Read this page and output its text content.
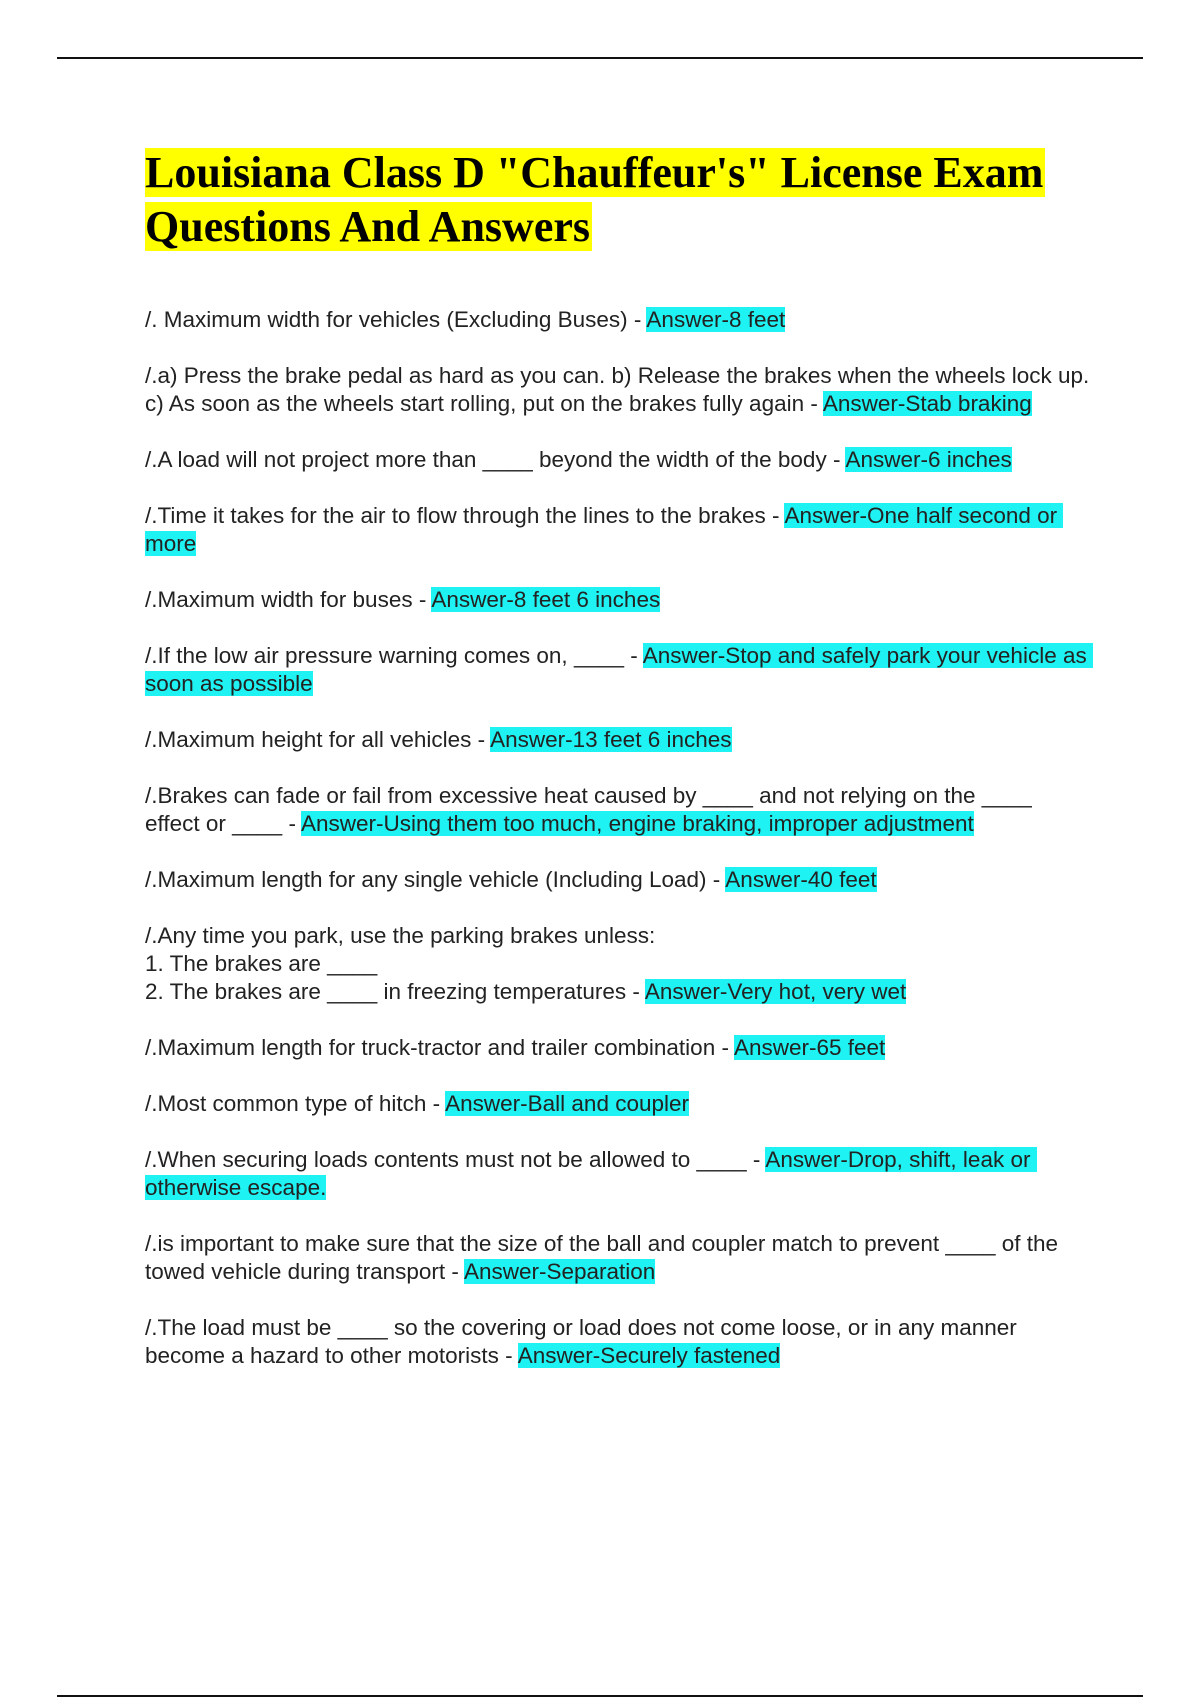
Louisiana Class D "Chauffeur's" License Exam Questions And Answers
/. Maximum width for vehicles (Excluding Buses) - Answer-8 feet
/.a) Press the brake pedal as hard as you can. b) Release the brakes when the wheels lock up. c) As soon as the wheels start rolling, put on the brakes fully again - Answer-Stab braking
/.A load will not project more than ____ beyond the width of the body - Answer-6 inches
/.Time it takes for the air to flow through the lines to the brakes - Answer-One half second or more
/.Maximum width for buses - Answer-8 feet 6 inches
/.If the low air pressure warning comes on, ____ - Answer-Stop and safely park your vehicle as soon as possible
/.Maximum height for all vehicles - Answer-13 feet 6 inches
/.Brakes can fade or fail from excessive heat caused by ____ and not relying on the ____ effect or ____ - Answer-Using them too much, engine braking, improper adjustment
/.Maximum length for any single vehicle (Including Load) - Answer-40 feet
/.Any time you park, use the parking brakes unless:
1. The brakes are ____
2. The brakes are ____ in freezing temperatures - Answer-Very hot, very wet
/.Maximum length for truck-tractor and trailer combination - Answer-65 feet
/.Most common type of hitch - Answer-Ball and coupler
/.When securing loads contents must not be allowed to ____ - Answer-Drop, shift, leak or otherwise escape.
/.is important to make sure that the size of the ball and coupler match to prevent ____ of the towed vehicle during transport - Answer-Separation
/.The load must be ____ so the covering or load does not come loose, or in any manner become a hazard to other motorists - Answer-Securely fastened
